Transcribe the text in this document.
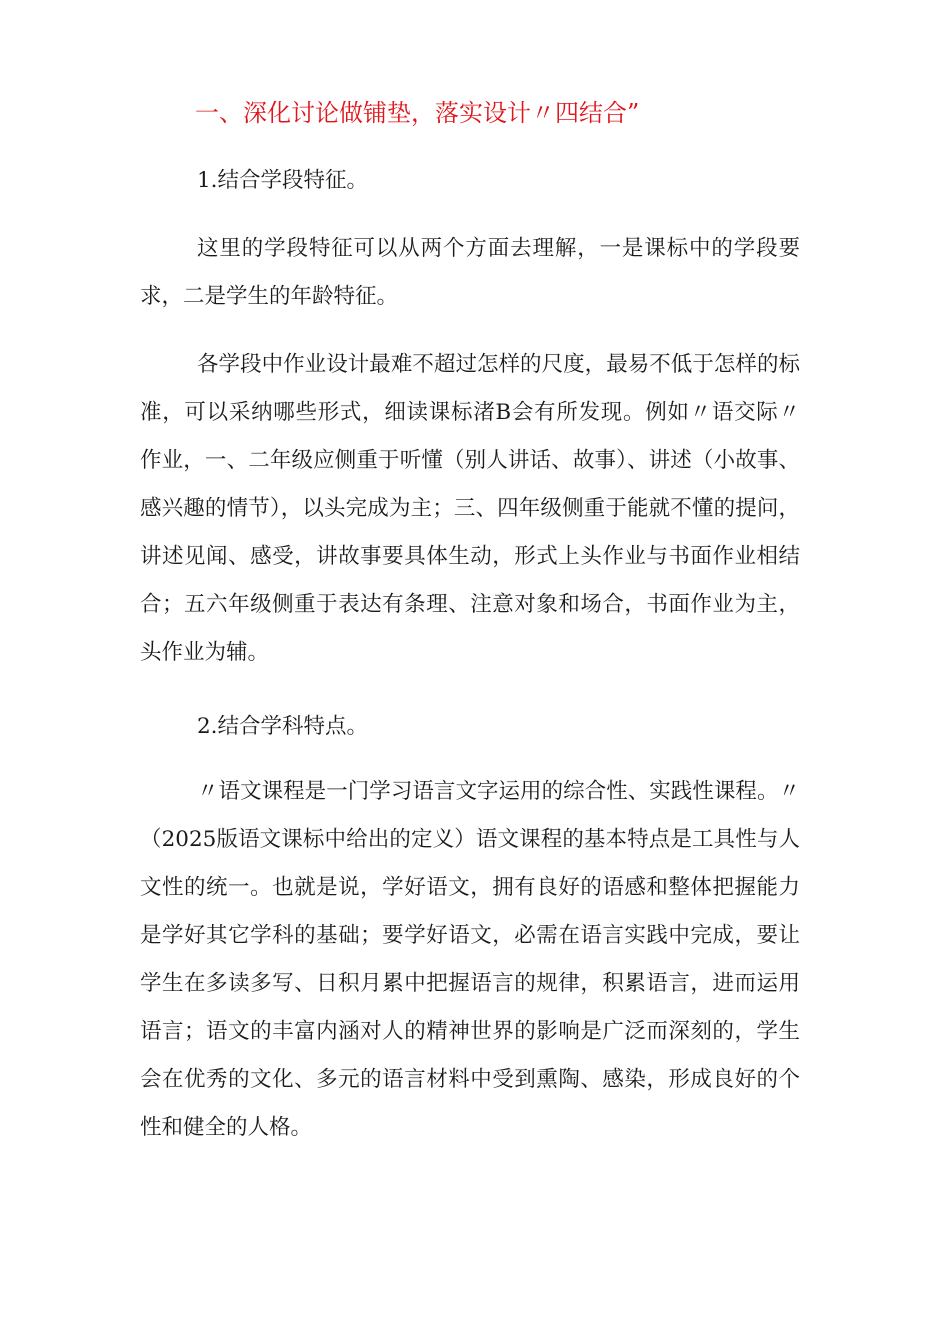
一、深化讨论做铺垫，落实设计〃四结合”
1.结合学段特征。

这里的学段特征可以从两个方面去理解，一是课标中的学段要求，二是学生的年龄特征。

各学段中作业设计最难不超过怎样的尺度，最易不低于怎样的标准，可以采纳哪些形式，细读课标渚B会有所发现。例如〃语交际〃作业，一、二年级应侧重于听懂（别人讲话、故事）、讲述（小故事、感兴趣的情节），以头完成为主；三、四年级侧重于能就不懂的提问，讲述见闻、感受，讲故事要具体生动，形式上头作业与书面作业相结合；五六年级侧重于表达有条理、注意对象和场合，书面作业为主，头作业为辅。

2.结合学科特点。

〃语文课程是一门学习语言文字运用的综合性、实践性课程。〃（2025版语文课标中给出的定义）语文课程的基本特点是工具性与人文性的统一。也就是说，学好语文，拥有良好的语感和整体把握能力是学好其它学科的基础；要学好语文，必需在语言实践中完成，要让学生在多读多写、日积月累中把握语言的规律，积累语言，进而运用语言；语文的丰富内涵对人的精神世界的影响是广泛而深刻的，学生会在优秀的文化、多元的语言材料中受到熏陶、感染，形成良好的个性和健全的人格。
